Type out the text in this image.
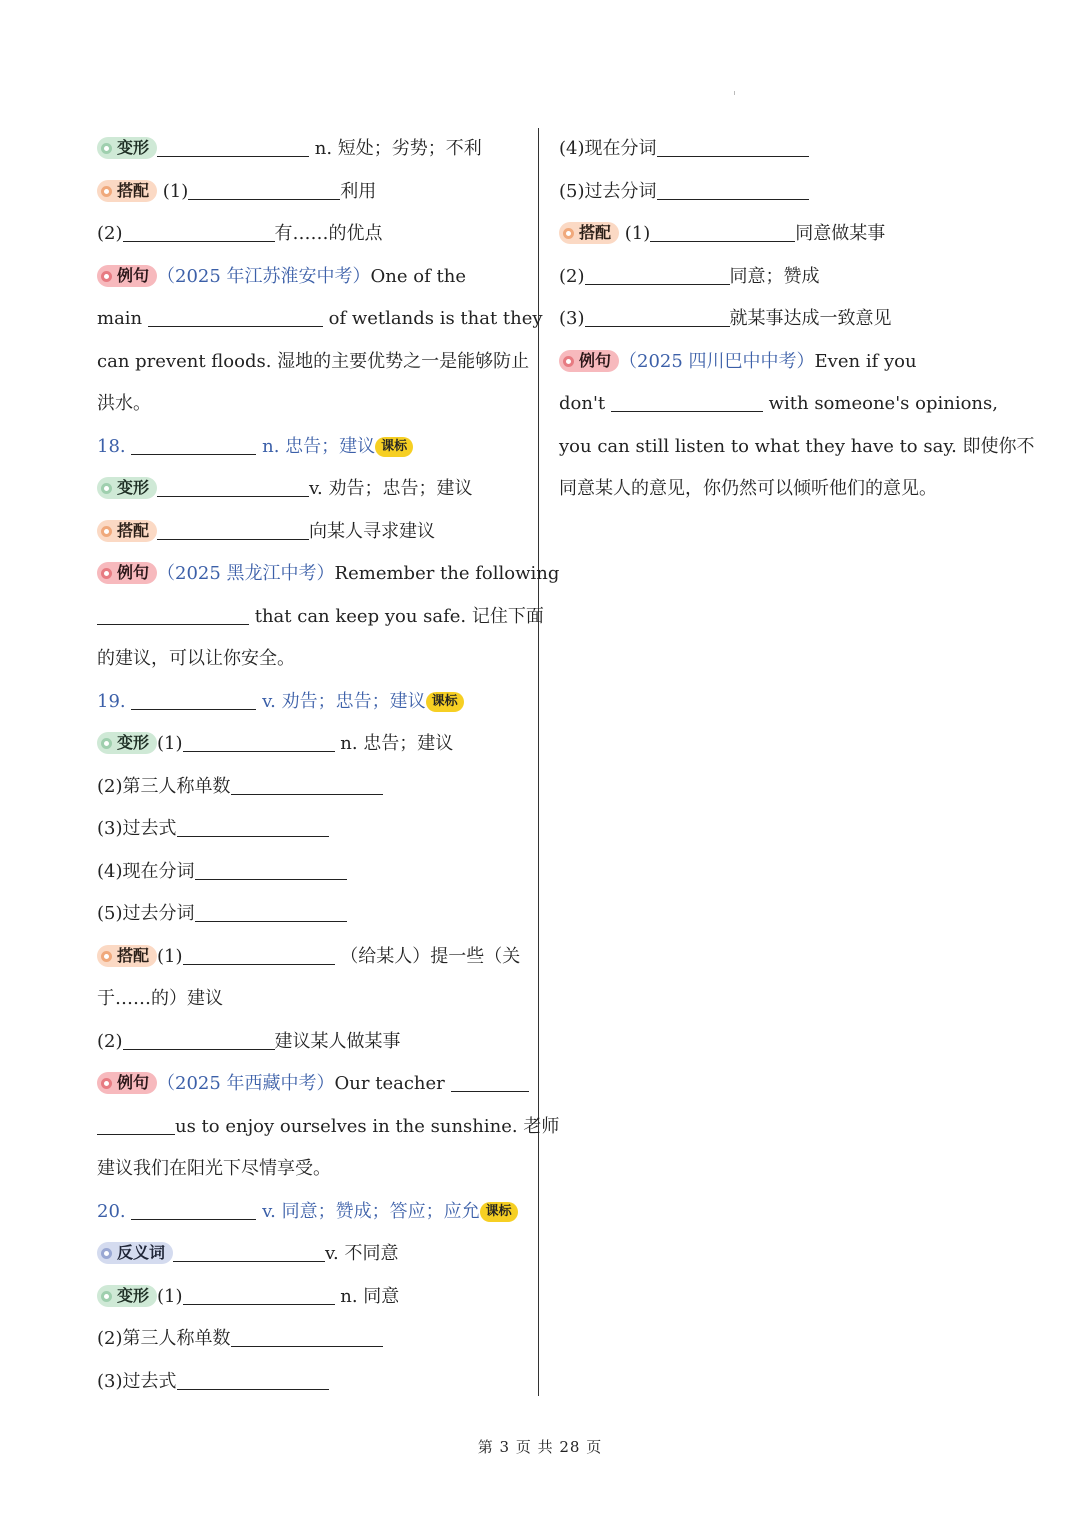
变形	n. 短处；劣势；不利
搭配 (1)	利用
(2)	有……的优点
例句 （2025 年江苏淮安中考）One of the
main	of wetlands is that they
can prevent floods. 湿地的主要优势之一是能够防止
洪水。
18.	n. 忠告；建议 课标
变形	v. 劝告；忠告；建议
搭配	向某人寻求建议
例句 （2025 黑龙江中考）Remember the following
that can keep you safe. 记住下面
的建议，可以让你安全。
19.	v. 劝告；忠告；建议 课标
变形 (1)	n. 忠告；建议
(2)第三人称单数
(3)过去式
(4)现在分词
(5)过去分词
搭配 (1)	（给某人）提一些（关
于……的）建议
(2)	建议某人做某事
例句 （2025 年西藏中考）Our teacher
us to enjoy ourselves in the sunshine. 老师
建议我们在阳光下尽情享受。
20.	v. 同意；赞成；答应；应允 课标
反义词	v. 不同意
变形 (1)	n. 同意
(2)第三人称单数
(3)过去式
(4)现在分词
(5)过去分词
搭配 (1)	同意做某事
(2)	同意；赞成
(3)	就某事达成一致意见
例句 （2025 四川巴中中考）Even if you
don't	with someone's opinions,
you can still listen to what they have to say. 即使你不
同意某人的意见，你仍然可以倾听他们的意见。
第 3 页 共 28 页
